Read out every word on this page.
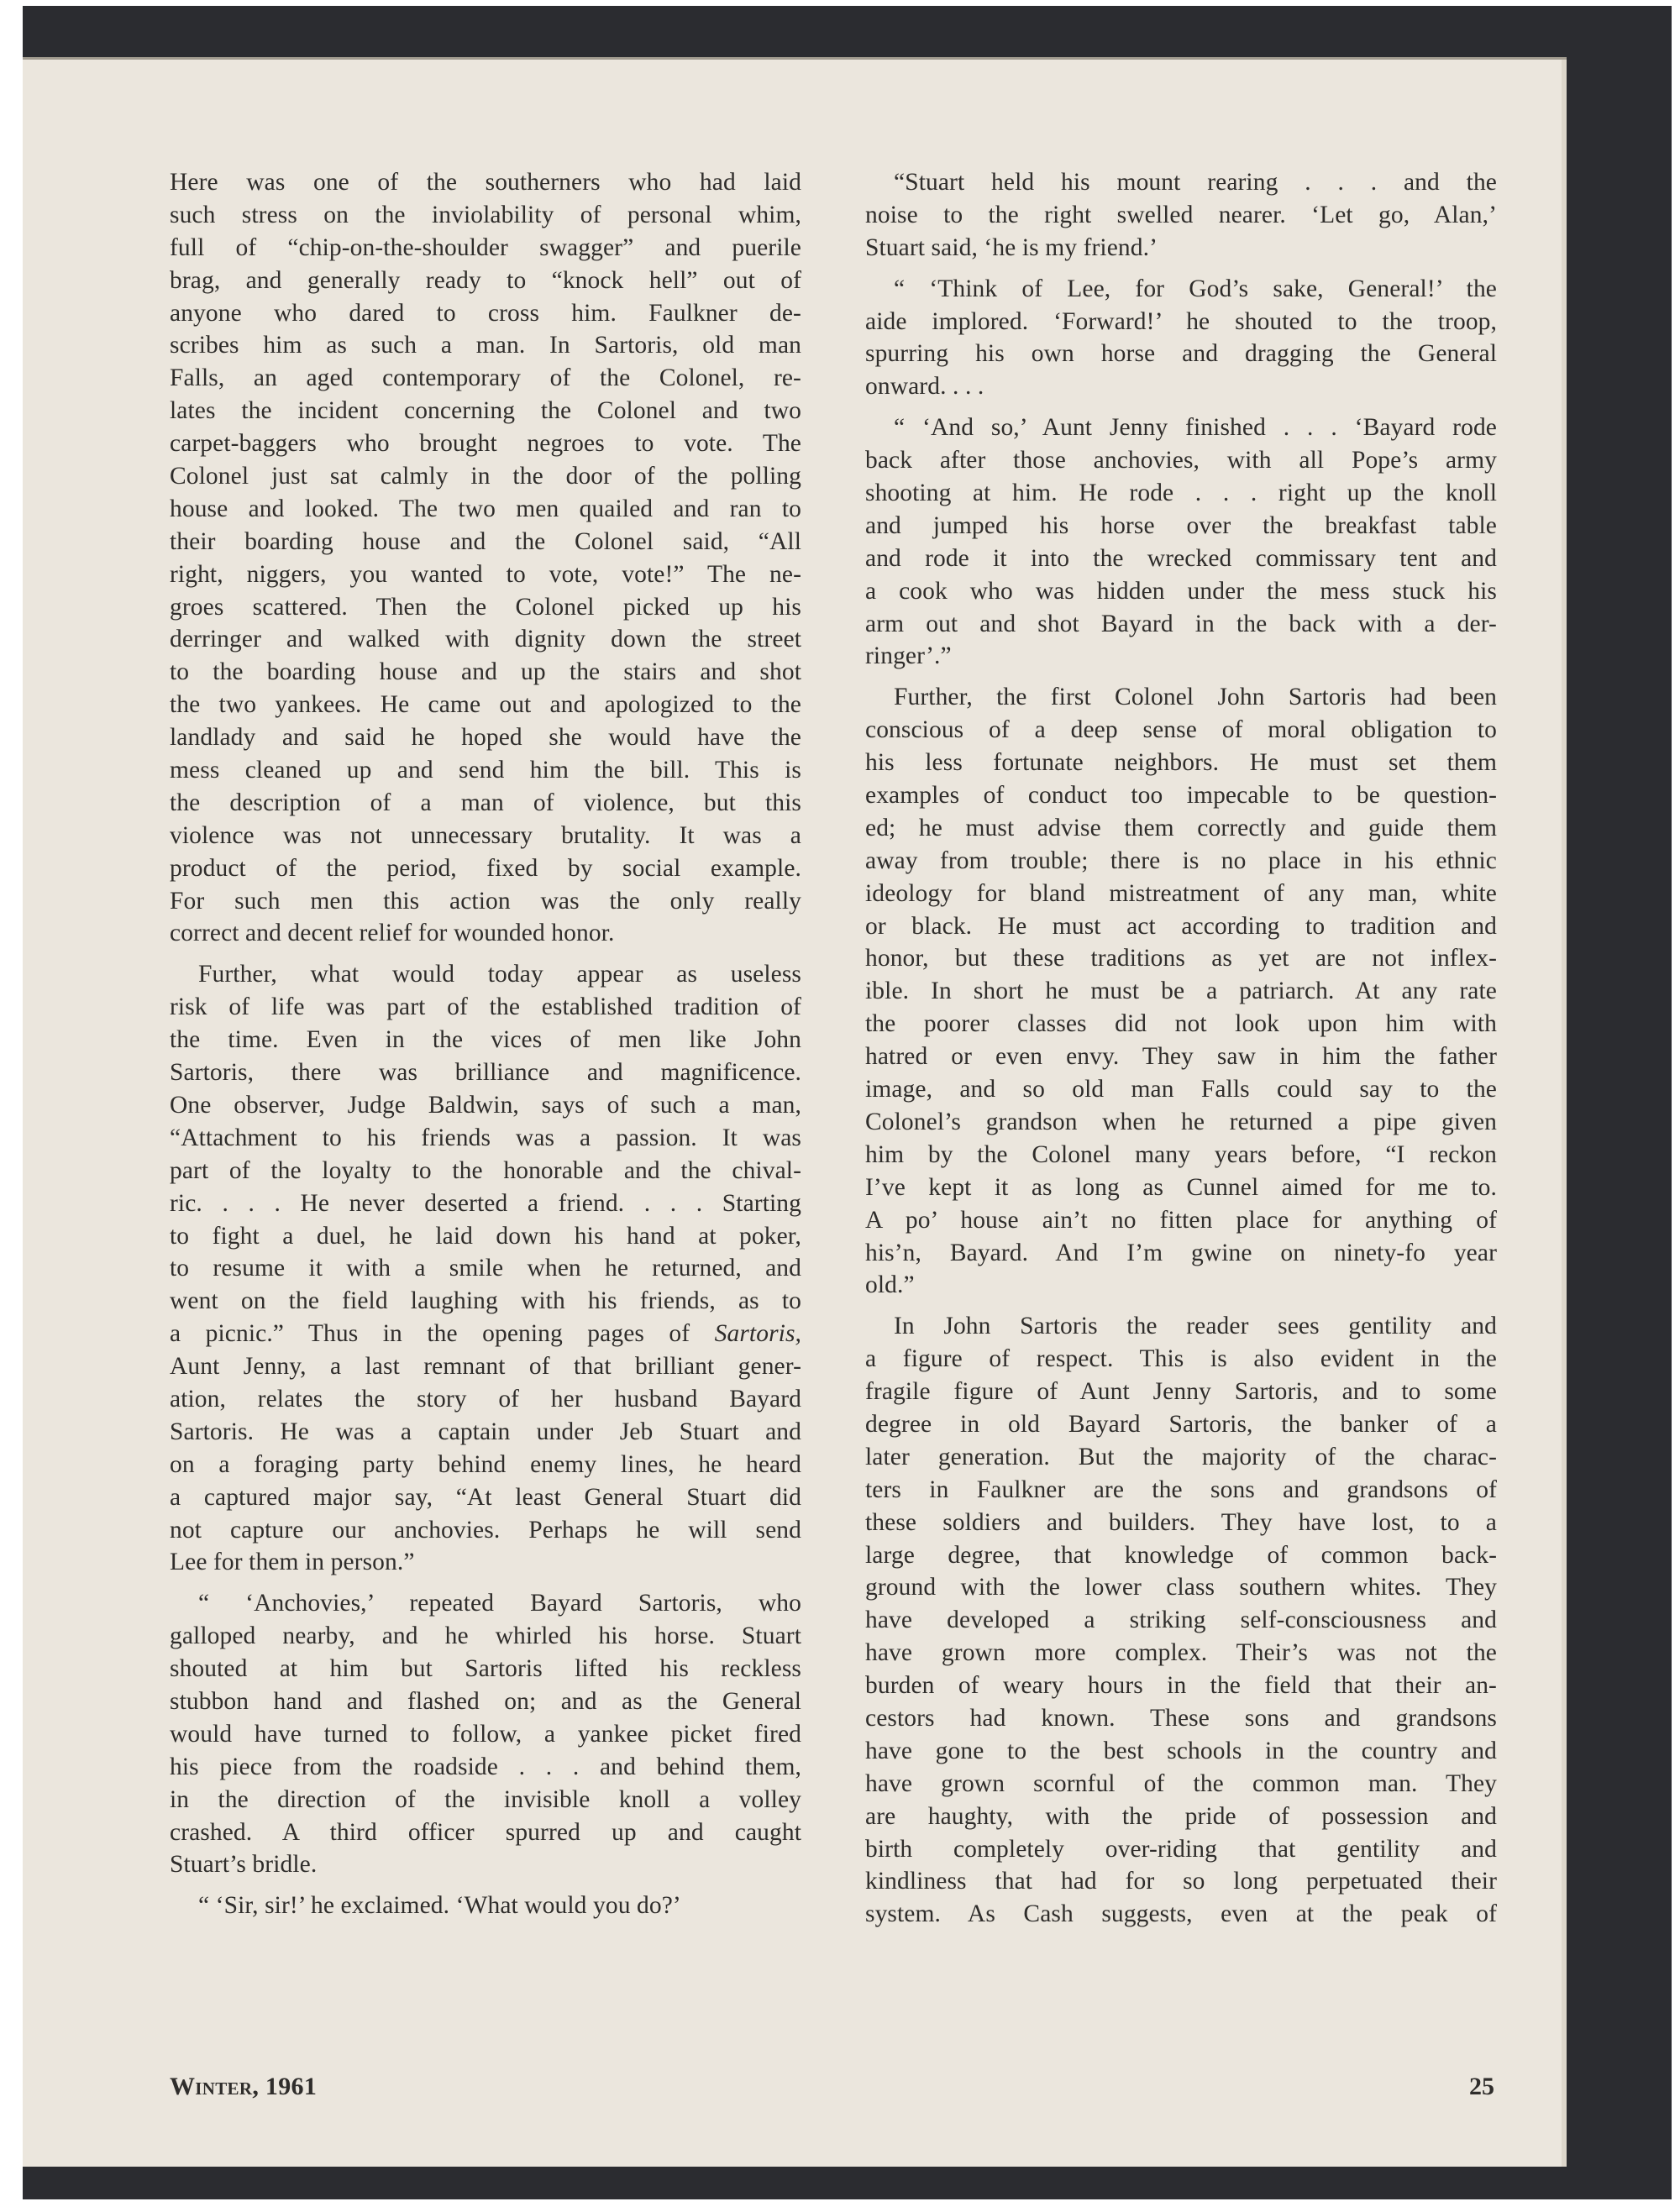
Here was one of the southerners who had laid
such stress on the inviolability of personal whim,
full of “chip-on-the-shoulder swagger” and puerile
brag, and generally ready to “knock hell” out of
anyone who dared to cross him. Faulkner de-
scribes him as such a man. In Sartoris, old man
Falls, an aged contemporary of the Colonel, re-
lates the incident concerning the Colonel and two
carpet-baggers who brought negroes to vote. The
Colonel just sat calmly in the door of the polling
house and looked. The two men quailed and ran to
their boarding house and the Colonel said, “All
right, niggers, you wanted to vote, vote!” The ne-
groes scattered. Then the Colonel picked up his
derringer and walked with dignity down the street
to the boarding house and up the stairs and shot
the two yankees. He came out and apologized to the
landlady and said he hoped she would have the
mess cleaned up and send him the bill. This is
the description of a man of violence, but this
violence was not unnecessary brutality. It was a
product of the period, fixed by social example.
For such men this action was the only really
correct and decent relief for wounded honor.
Further, what would today appear as useless
risk of life was part of the established tradition of
the time. Even in the vices of men like John
Sartoris, there was brilliance and magnificence.
One observer, Judge Baldwin, says of such a man,
“Attachment to his friends was a passion. It was
part of the loyalty to the honorable and the chival-
ric. . . . He never deserted a friend. . . . Starting
to fight a duel, he laid down his hand at poker,
to resume it with a smile when he returned, and
went on the field laughing with his friends, as to
a picnic.” Thus in the opening pages of Sartoris,
Aunt Jenny, a last remnant of that brilliant gener-
ation, relates the story of her husband Bayard
Sartoris. He was a captain under Jeb Stuart and
on a foraging party behind enemy lines, he heard
a captured major say, “At least General Stuart did
not capture our anchovies. Perhaps he will send
Lee for them in person.”
“ ‘Anchovies,’ repeated Bayard Sartoris, who
galloped nearby, and he whirled his horse. Stuart
shouted at him but Sartoris lifted his reckless
stubbon hand and flashed on; and as the General
would have turned to follow, a yankee picket fired
his piece from the roadside . . . and behind them,
in the direction of the invisible knoll a volley
crashed. A third officer spurred up and caught
Stuart’s bridle.
“ ‘Sir, sir!’ he exclaimed. ‘What would you do?’
“Stuart held his mount rearing . . . and the
noise to the right swelled nearer. ‘Let go, Alan,’
Stuart said, ‘he is my friend.’
“ ‘Think of Lee, for God’s sake, General!’ the
aide implored. ‘Forward!’ he shouted to the troop,
spurring his own horse and dragging the General
onward. . . .
“ ‘And so,’ Aunt Jenny finished . . . ‘Bayard rode
back after those anchovies, with all Pope’s army
shooting at him. He rode . . . right up the knoll
and jumped his horse over the breakfast table
and rode it into the wrecked commissary tent and
a cook who was hidden under the mess stuck his
arm out and shot Bayard in the back with a der-
ringer’.”
Further, the first Colonel John Sartoris had been
conscious of a deep sense of moral obligation to
his less fortunate neighbors. He must set them
examples of conduct too impecable to be question-
ed; he must advise them correctly and guide them
away from trouble; there is no place in his ethnic
ideology for bland mistreatment of any man, white
or black. He must act according to tradition and
honor, but these traditions as yet are not inflex-
ible. In short he must be a patriarch. At any rate
the poorer classes did not look upon him with
hatred or even envy. They saw in him the father
image, and so old man Falls could say to the
Colonel’s grandson when he returned a pipe given
him by the Colonel many years before, “I reckon
I’ve kept it as long as Cunnel aimed for me to.
A po’ house ain’t no fitten place for anything of
his’n, Bayard. And I’m gwine on ninety-fo year
old.”
In John Sartoris the reader sees gentility and
a figure of respect. This is also evident in the
fragile figure of Aunt Jenny Sartoris, and to some
degree in old Bayard Sartoris, the banker of a
later generation. But the majority of the charac-
ters in Faulkner are the sons and grandsons of
these soldiers and builders. They have lost, to a
large degree, that knowledge of common back-
ground with the lower class southern whites. They
have developed a striking self-consciousness and
have grown more complex. Their’s was not the
burden of weary hours in the field that their an-
cestors had known. These sons and grandsons
have gone to the best schools in the country and
have grown scornful of the common man. They
are haughty, with the pride of possession and
birth completely over-riding that gentility and
kindliness that had for so long perpetuated their
system. As Cash suggests, even at the peak of
Winter, 1961	25
